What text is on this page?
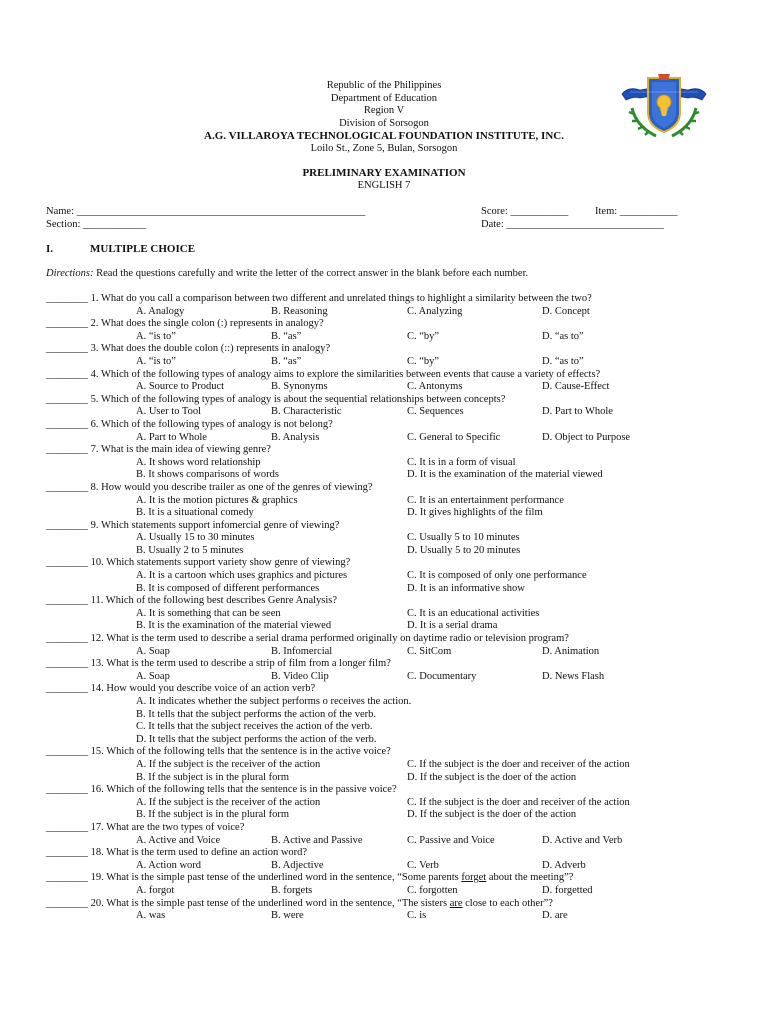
Republic of the Philippines
Department of Education
Region V
Division of Sorsogon
A.G. VILLAROYA TECHNOLOGICAL FOUNDATION INSTITUTE, INC.
Loilo St., Zone 5, Bulan, Sorsogon
PRELIMINARY EXAMINATION
ENGLISH 7
Name: _______________________________________________________
Section: ____________
Score: ___________	Item: ___________
Date: ______________________________
I.	MULTIPLE CHOICE
Directions: Read the questions carefully and write the letter of the correct answer in the blank before each number.
________ 1. What do you call a comparison between two different and unrelated things to highlight a similarity between the two?
A. Analogy	B. Reasoning	C. Analyzing	D. Concept
________ 2. What does the single colon (:) represents in analogy?
A. “is to”	B. “as”	C. “by”	D. “as to”
________ 3. What does the double colon (::) represents in analogy?
A. “is to”	B. “as”	C. “by”	D. “as to”
________ 4. Which of the following types of analogy aims to explore the similarities between events that cause a variety of effects?
A. Source to Product	B. Synonyms	C. Antonyms	D. Cause-Effect
________ 5. Which of the following types of analogy is about the sequential relationships between concepts?
A. User to Tool	B. Characteristic	C. Sequences	D. Part to Whole
________ 6. Which of the following types of analogy is not belong?
A. Part to Whole	B. Analysis	C. General to Specific	D. Object to Purpose
________ 7. What is the main idea of viewing genre?
A. It shows word relationship	C. It is in a form of visual
B. It shows comparisons of words	D. It is the examination of the material viewed
________ 8. How would you describe trailer as one of the genres of viewing?
A. It is the motion pictures & graphics	C. It is an entertainment performance
B. It is a situational comedy	D. It gives highlights of the film
________ 9. Which statements support infomercial genre of viewing?
A. Usually 15 to 30 minutes	C. Usually 5 to 10 minutes
B. Usually 2 to 5 minutes	D. Usually 5 to 20 minutes
________ 10. Which statements support variety show genre of viewing?
A. It is a cartoon which uses graphics and pictures	C. It is composed of only one performance
B. It is composed of different performances	D. It is an informative show
________ 11. Which of the following best describes Genre Analysis?
A. It is something that can be seen	C. It is an educational activities
B. It is the examination of the material viewed	D. It is a serial drama
________ 12. What is the term used to describe a serial drama performed originally on daytime radio or television program?
A. Soap	B. Infomercial	C. SitCom	D. Animation
________ 13. What is the term used to describe a strip of film from a longer film?
A. Soap	B. Video Clip	C. Documentary	D. News Flash
________ 14. How would you describe voice of an action verb?
A. It indicates whether the subject performs o receives the action.
B. It tells that the subject performs the action of the verb.
C. It tells that the subject receives the action of the verb.
D. It tells that the subject performs the action of the verb.
________ 15. Which of the following tells that the sentence is in the active voice?
A. If the subject is the receiver of the action	C. If the subject is the doer and receiver of the action
B. If the subject is in the plural form	D. If the subject is the doer of the action
________ 16. Which of the following tells that the sentence is in the passive voice?
A. If the subject is the receiver of the action	C. If the subject is the doer and receiver of the action
B. If the subject is in the plural form	D. If the subject is the doer of the action
________ 17. What are the two types of voice?
A. Active and Voice	B. Active and Passive	C. Passive and Voice	D. Active and Verb
________ 18. What is the term used to define an action word?
A. Action word	B. Adjective	C. Verb	D. Adverb
________ 19. What is the simple past tense of the underlined word in the sentence, “Some parents forget about the meeting”?
A. forgot	B. forgets	C. forgotten	D. forgetted
________ 20. What is the simple past tense of the underlined word in the sentence, “The sisters are close to each other”?
A. was	B. were	C. is	D. are
